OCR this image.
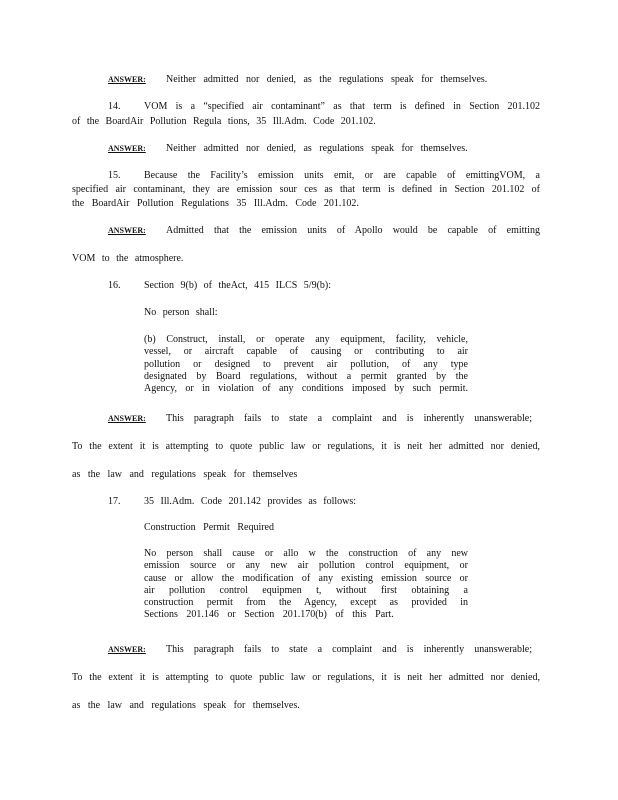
ANSWER: Neither admitted nor denied, as the regulations speak for themselves.
14. VOM is a “specified air contaminant” as that term is defined in Section 201.102
of the BoardAir Pollution Regula tions, 35 Ill.Adm. Code 201.102.
ANSWER: Neither admitted nor denied, as regulations speak for themselves.
15. Because the Facility’s emission units emit, or are capable of emittingVOM, a
specified air contaminant, they are emission sour ces as that term is defined in Section 201.102 of
the BoardAir Pollution Regulations 35 Ill.Adm. Code 201.102.
ANSWER: Admitted that the emission units of Apollo would be capable of emitting
VOM to the atmosphere.
16. Section 9(b) of theAct, 415 ILCS 5/9(b):
No person shall:
(b) Construct, install, or operate any equipment, facility, vehicle,
vessel, or aircraft capable of causing or contributing to air
pollution or designed to prevent air pollution, of any type
designated by Board regulations, without a permit granted by the
Agency, or in violation of any conditions imposed by such permit.
ANSWER: This paragraph fails to state a complaint and is inherently unanswerable;
To the extent it is attempting to quote public law or regulations, it is neit her admitted nor denied,
as the law and regulations speak for themselves
17. 35 Ill.Adm. Code 201.142 provides as follows:
Construction Permit Required
No person shall cause or allo w the construction of any new
emission source or any new air pollution control equipment, or
cause or allow the modification of any existing emission source or
air pollution control equipmen t, without first obtaining a
construction permit from the Agency, except as provided in
Sections 201.146 or Section 201.170(b) of this Part.
ANSWER: This paragraph fails to state a complaint and is inherently unanswerable;
To the extent it is attempting to quote public law or regulations, it is neit her admitted nor denied,
as the law and regulations speak for themselves.
